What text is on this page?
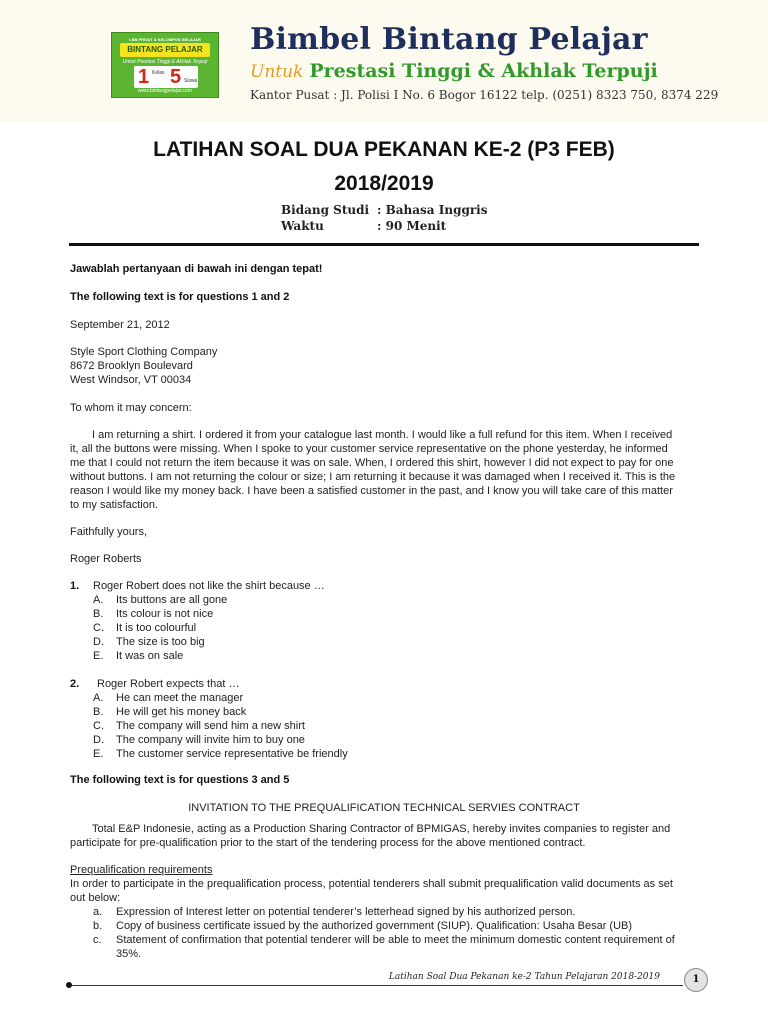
LBB PRIVAT & KELOMPOK BELAJAR
BINTANG PELAJAR
Untuk Prestasi Tinggi & Akhlak Terpuji
1 Kelas 5 Siswa
www.bintangpelajar.com
Bimbel Bintang Pelajar
Untuk Prestasi Tinggi & Akhlak Terpuji
Kantor Pusat : Jl. Polisi I No. 6 Bogor 16122 telp. (0251) 8323 750, 8374 229
LATIHAN SOAL DUA PEKANAN KE-2 (P3 FEB)
2018/2019
Bidang Studi : Bahasa Inggris
Waktu	: 90 Menit
Jawablah pertanyaan di bawah ini dengan tepat!
The following text is for questions 1 and 2
September 21, 2012
Style Sport Clothing Company
8672 Brooklyn Boulevard
West Windsor, VT 00034
To whom it may concern:
I am returning a shirt. I ordered it from your catalogue last month. I would like a full refund for this item. When I received
it, all the buttons were missing. When I spoke to your customer service representative on the phone yesterday, he informed
me that I could not return the item because it was on sale. When, I ordered this shirt, however I did not expect to pay for one
without buttons. I am not returning the colour or size; I am returning it because it was damaged when I received it. This is the
reason I would like my money back. I have been a satisfied customer in the past, and I know you will take care of this matter
to my satisfaction.
Faithfully yours,
Roger Roberts
1. Roger Robert does not like the shirt because …
A. Its buttons are all gone
B. Its colour is not nice
C. It is too colourful
D. The size is too big
E. It was on sale
2. Roger Robert expects that …
A. He can meet the manager
B. He will get his money back
C. The company will send him a new shirt
D. The company will invite him to buy one
E. The customer service representative be friendly
The following text is for questions 3 and 5
INVITATION TO THE PREQUALIFICATION TECHNICAL SERVIES CONTRACT
Total E&P Indonesie, acting as a Production Sharing Contractor of BPMIGAS, hereby invites companies to register and
participate for pre-qualification prior to the start of the tendering process for the above mentioned contract.
Prequalification requirements
In order to participate in the prequalification process, potential tenderers shall submit prequalification valid documents as set
out below:
a. Expression of Interest letter on potential tenderer’s letterhead signed by his authorized person.
b. Copy of business certificate issued by the authorized government (SIUP). Qualification: Usaha Besar (UB)
c. Statement of confirmation that potential tenderer will be able to meet the minimum domestic content requirement of
35%.
Latihan Soal Dua Pekanan ke-2 Tahun Pelajaran 2018-2019	1
